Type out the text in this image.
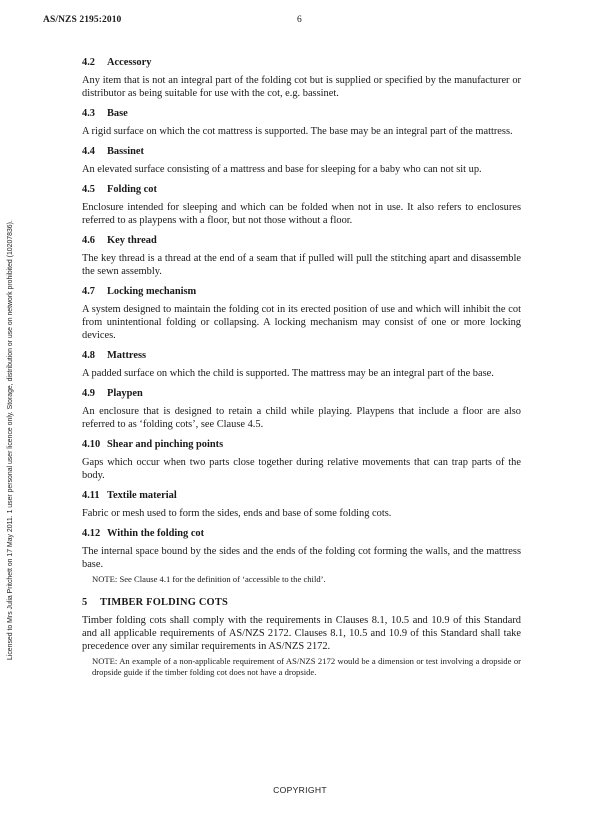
AS/NZS 2195:2010	6
Licensed to Mrs Julia Pritchett on 17 May 2011. 1 user personal user licence only. Storage, distribution or use on network prohibited (10207836).
4.2 Accessory

Any item that is not an integral part of the folding cot but is supplied or specified by the manufacturer or distributor as being suitable for use with the cot, e.g. bassinet.

4.3 Base

A rigid surface on which the cot mattress is supported. The base may be an integral part of the mattress.

4.4 Bassinet

An elevated surface consisting of a mattress and base for sleeping for a baby who can not sit up.

4.5 Folding cot

Enclosure intended for sleeping and which can be folded when not in use. It also refers to enclosures referred to as playpens with a floor, but not those without a floor.

4.6 Key thread

The key thread is a thread at the end of a seam that if pulled will pull the stitching apart and disassemble the sewn assembly.

4.7 Locking mechanism

A system designed to maintain the folding cot in its erected position of use and which will inhibit the cot from unintentional folding or collapsing. A locking mechanism may consist of one or more locking devices.

4.8 Mattress

A padded surface on which the child is supported. The mattress may be an integral part of the base.

4.9 Playpen

An enclosure that is designed to retain a child while playing. Playpens that include a floor are also referred to as ‘folding cots’, see Clause 4.5.

4.10 Shear and pinching points

Gaps which occur when two parts close together during relative movements that can trap parts of the body.

4.11 Textile material

Fabric or mesh used to form the sides, ends and base of some folding cots.

4.12 Within the folding cot

The internal space bound by the sides and the ends of the folding cot forming the walls, and the mattress base.

NOTE: See Clause 4.1 for the definition of ‘accessible to the child’.

5 TIMBER FOLDING COTS

Timber folding cots shall comply with the requirements in Clauses 8.1, 10.5 and 10.9 of this Standard and all applicable requirements of AS/NZS 2172. Clauses 8.1, 10.5 and 10.9 of this Standard shall take precedence over any similar requirements in AS/NZS 2172.

NOTE: An example of a non-applicable requirement of AS/NZS 2172 would be a dimension or test involving a dropside or dropside guide if the timber folding cot does not have a dropside.

COPYRIGHT
